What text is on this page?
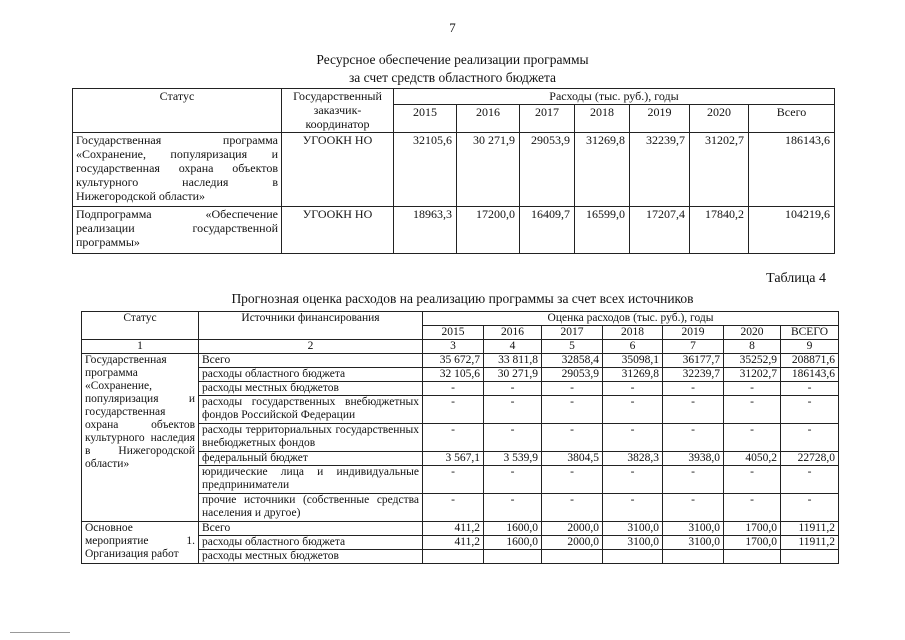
7
Ресурсное обеспечение реализации программы
за счет средств областного бюджета
Статус	Государственный заказчик-координатор	Расходы (тыс. руб.), годы						
		2015	2016	2017	2018	2019	2020	Всего
Государственная программа «Сохранение, популяризация и государственная охрана объектов культурного наследия в Нижегородской области»	УГООКН НО	32105,6	30 271,9	29053,9	31269,8	32239,7	31202,7	186143,6
Подпрограмма «Обеспечение реализации государственной программы»	УГООКН НО	18963,3	17200,0	16409,7	16599,0	17207,4	17840,2	104219,6
Таблица 4
Прогнозная оценка расходов на реализацию программы за счет всех источников
Статус	Источники финансирования	Оценка расходов (тыс. руб.), годы						
		2015	2016	2017	2018	2019	2020	ВСЕГО
1	2	3	4	5	6	7	8	9
Государственная программа «Сохранение, популяризация и государственная охрана объектов культурного наследия в Нижегородской области»	Всего	35 672,7	33 811,8	32858,4	35098,1	36177,7	35252,9	208871,6
	расходы областного бюджета	32 105,6	30 271,9	29053,9	31269,8	32239,7	31202,7	186143,6
	расходы местных бюджетов	-	-	-	-	-	-	-
	расходы государственных внебюджетных фондов Российской Федерации	-	-	-	-	-	-	-
	расходы территориальных государственных внебюджетных фондов	-	-	-	-	-	-	-
	федеральный бюджет	3 567,1	3 539,9	3804,5	3828,3	3938,0	4050,2	22728,0
	юридические лица и индивидуальные предприниматели	-	-	-	-	-	-	-
	прочие источники (собственные средства населения и другое)	-	-	-	-	-	-	-
Основное мероприятие 1. Организация работ	Всего	411,2	1600,0	2000,0	3100,0	3100,0	1700,0	11911,2
	расходы областного бюджета	411,2	1600,0	2000,0	3100,0	3100,0	1700,0	11911,2
	расходы местных бюджетов							
